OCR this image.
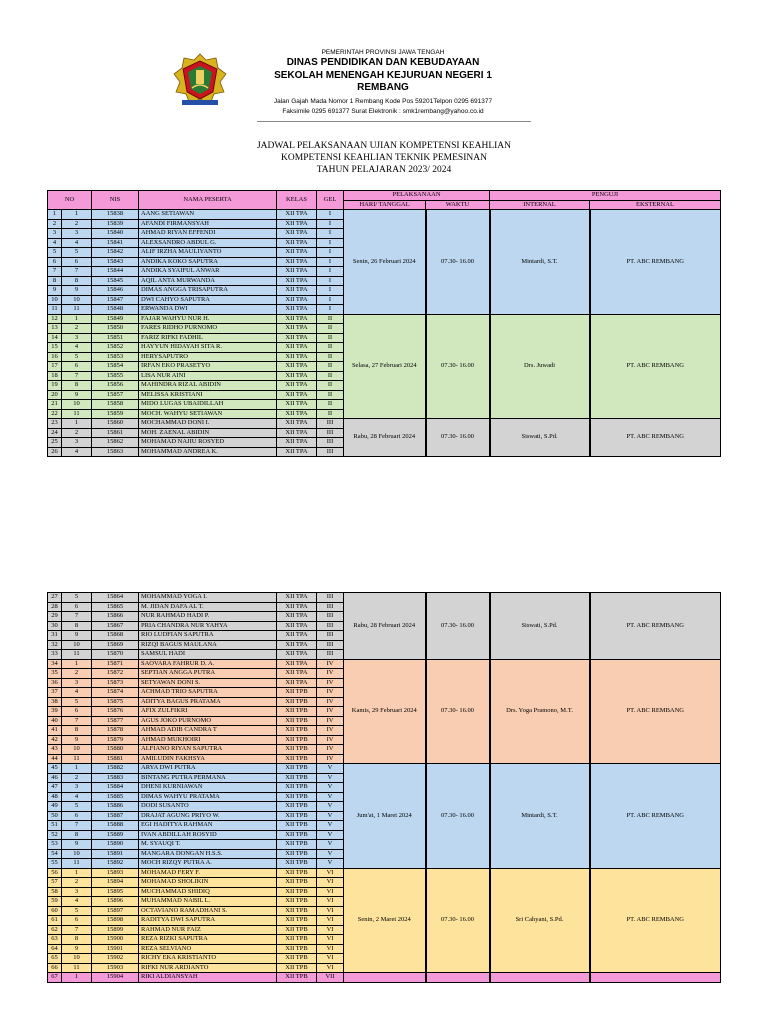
PEMERINTAH PROVINSI JAWA TENGAH
DINAS PENDIDIKAN DAN KEBUDAYAAN
SEKOLAH MENENGAH KEJURUAN NEGERI 1
REMBANG
Jalan Gajah Mada Nomor 1 Rembang Kode Pos 59201Telpon 0295 691377
Faksimile 0295 691377 Surat Elektronik : smk1rembang@yahoo.co.id
JADWAL PELAKSANAAN UJIAN KOMPETENSI KEAHLIAN
KOMPETENSI KEAHLIAN TEKNIK PEMESINAN
TAHUN PELAJARAN 2023/ 2024
NO		NIS	NAMA PESERTA	KELAS	GEL	PELAKSANAAN		PENGUJI	
						HARI/ TANGGAL	WAKTU	INTERNAL	EKSTERNAL
1	1	15838	AANG SETIAWAN	XII TPA	I	Senin, 26 Februari 2024	07.30- 16.00	Mintardi, S.T.	PT. ABC REMBANG
2	2	15839	AFANDI FIRMANSYAH	XII TPA	I				
3	3	15840	AHMAD RIYAN EFFENDI	XII TPA	I				
4	4	15841	ALEXSANDRO ABDUL G.	XII TPA	I				
5	5	15842	ALIF IRZHA MAULIYANTO	XII TPA	I				
6	6	15843	ANDIKA KOKO SAPUTRA	XII TPA	I				
7	7	15844	ANDIKA SYAIFUL ANWAR	XII TPA	I				
8	8	15845	AQIL ANTA MURWANDA	XII TPA	I				
9	9	15846	DIMAS ANGGA TRISAPUTRA	XII TPA	I				
10	10	15847	DWI CAHYO SAPUTRA	XII TPA	I				
11	11	15848	ERWANDA DWI	XII TPA	I				
12	1	15849	FAJAR WAHYU NUR H.	XII TPA	II	Selasa, 27 Februari 2024	07.30- 16.00	Drs. Juwadi	PT. ABC REMBANG
13	2	15850	FARES RIDHO PURNOMO	XII TPA	II				
14	3	15851	FARIZ RIFKI FADHIL	XII TPA	II				
15	4	15852	HAYYUN HIDAYAH SITA R.	XII TPA	II				
16	5	15853	HERYSAPUTRO	XII TPA	II				
17	6	15854	IRFAN EKO PRASETYO	XII TPA	II				
18	7	15855	LISA NUR AINI	XII TPA	II				
19	8	15856	MAHINDRA RIZAL ABIDIN	XII TPA	II				
20	9	15857	MELISSA KRISTIANI	XII TPA	II				
21	10	15858	MIDO LUGAS UBAIDILLAH	XII TPA	II				
22	11	15859	MOCH. WAHYU SETIAWAN	XII TPA	II				
23	1	15860	MOCHAMMAD DONI I.	XII TPA	III	Rabu, 28 Februari 2024	07.30- 16.00	Siswati, S.Pd.	PT. ABC REMBANG
24	2	15861	MOH. ZAENAL ABIDIN	XII TPA	III				
25	3	15862	MOHAMAD NAJIU ROSYED	XII TPA	III				
26	4	15863	MOHAMMAD ANDREA K.	XII TPA	III				
27	5	15864	MOHAMMAD YOGA I.	XII TPA	III	Rabu, 28 Februari 2024	07.30- 16.00	Siswati, S.Pd.	PT. ABC REMBANG
28	6	15865	M. JIDAN DAFA AL T.	XII TPA	III				
29	7	15866	NUR RAHMAD HADI P.	XII TPA	III				
30	8	15867	PRIA CHANDRA NUR YAHYA	XII TPA	III				
31	9	15868	RIO LUDFIAN SAPUTRA	XII TPA	III				
32	10	15869	RIZQI BAGUS MAULANA	XII TPA	III				
33	11	15870	SAMSUL HADI	XII TPA	III				
34	1	15871	SAOVARA FAHRUR D. A.	XII TPA	IV	Kamis, 29 Februari 2024	07.30- 16.00	Drs. Yoga Pramono, M.T.	PT. ABC REMBANG
35	2	15872	SEPTIAN ANGGA PUTRA	XII TPA	IV				
36	3	15873	SETYAWAN DONI S.	XII TPA	IV				
37	4	15874	ACHMAD TRIO SAPUTRA	XII TPB	IV				
38	5	15875	ADITYA BAGUS PRATAMA	XII TPB	IV				
39	6	15876	AFIX ZULFIKRI	XII TPB	IV				
40	7	15877	AGUS JOKO PURNOMO	XII TPB	IV				
41	8	15878	AHMAD ADIB CANDRA T	XII TPB	IV				
42	9	15879	AHMAD MUKHOIRI	XII TPB	IV				
43	10	15880	ALFIANO RIYAN SAPUTRA	XII TPB	IV				
44	11	15881	AMILUDIN FAKHSYA	XII TPB	IV				
45	1	15882	ARYA DWI PUTRA	XII TPB	V	Jum'at, 1 Maret 2024	07.30- 16.00	Mintardi, S.T.	PT. ABC REMBANG
46	2	15883	BINTANG PUTRA PERMANA	XII TPB	V				
47	3	15884	DHENI KURNIAWAN	XII TPB	V				
48	4	15885	DIMAS WAHYU PRATAMA	XII TPB	V				
49	5	15886	DODI SUSANTO	XII TPB	V				
50	6	15887	DRAJAT AGUNG PRIYO W.	XII TPB	V				
51	7	15888	EGI HADITYA RAHMAN	XII TPB	V				
52	8	15889	IVAN ABDILLAH ROSYID	XII TPB	V				
53	9	15890	M. SYAUQI T.	XII TPB	V				
54	10	15891	MANGARA DONGAN H.S.S.	XII TPB	V				
55	11	15892	MOCH RIZQY PUTRA A.	XII TPB	V				
56	1	15893	MOHAMAD FERY F.	XII TPB	VI	Senin, 2 Maret 2024	07.30- 16.00	Sri Cahyani, S.Pd.	PT. ABC REMBANG
57	2	15894	MOHAMAD SHOLIKIN	XII TPB	VI				
58	3	15895	MUCHAMMAD SHIDIQ	XII TPB	VI				
59	4	15896	MUHAMMAD NABIL L.	XII TPB	VI				
60	5	15897	OCTAVIANO RAMADHANI S.	XII TPB	VI				
61	6	15898	RADITYA DWI SAPUTRA	XII TPB	VI				
62	7	15899	RAHMAD NUR FAIZ	XII TPB	VI				
63	8	15900	REZA RIZKI SAPUTRA	XII TPB	VI				
64	9	15901	REZA SELVIANO	XII TPB	VI				
65	10	15902	RICHY EKA KRISTIANTO	XII TPB	VI				
66	11	15903	RIFKI NUR ARDIANTO	XII TPB	VI				
67	1	15904	RIKI ALDIANSYAH	XII TPB	VII				
